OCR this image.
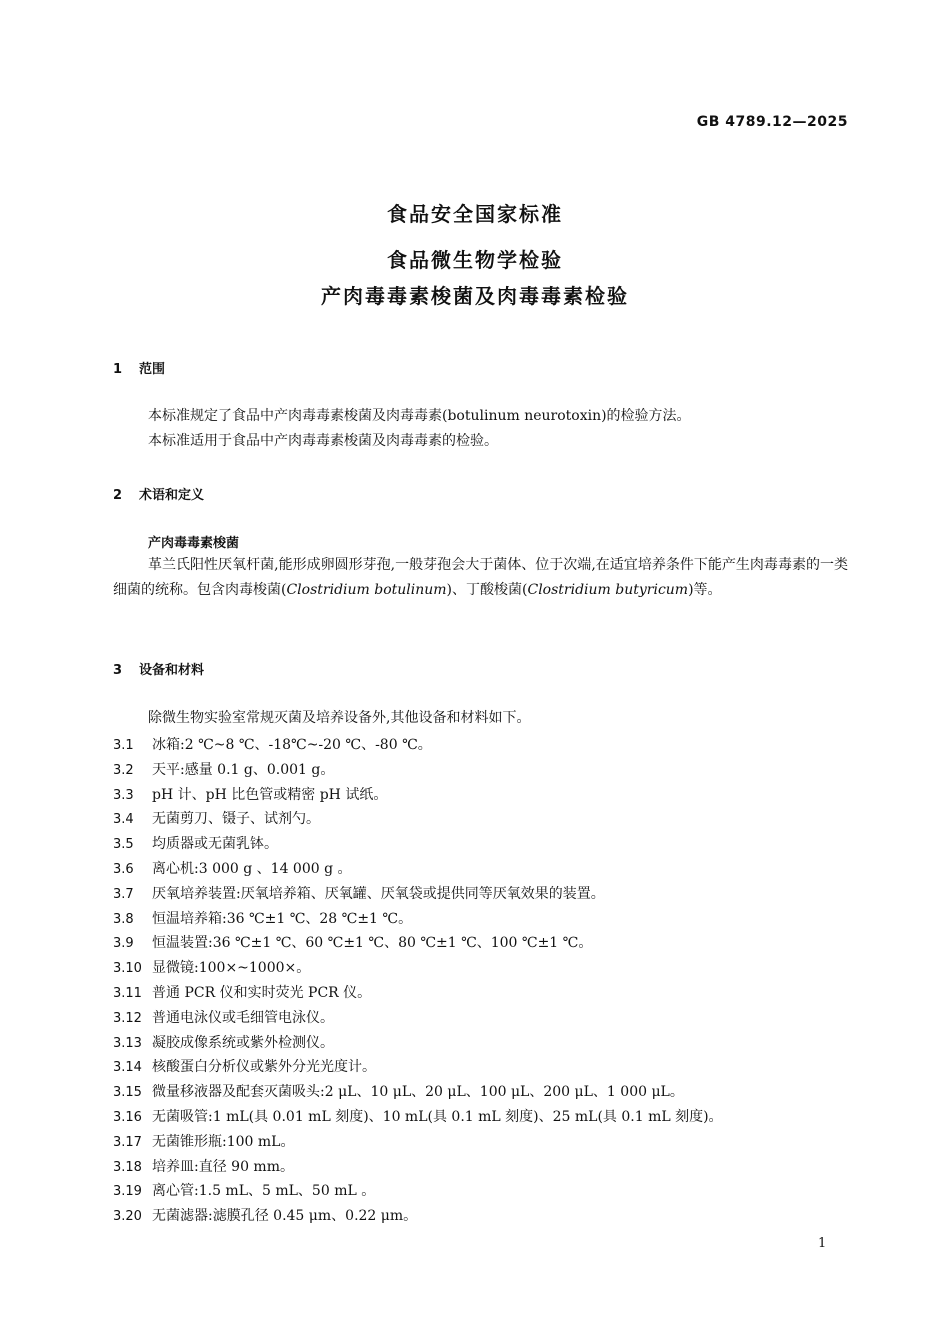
GB 4789.12—2025
食品安全国家标准
食品微生物学检验
产肉毒毒素梭菌及肉毒毒素检验
1 范围
本标准规定了食品中产肉毒毒素梭菌及肉毒毒素(botulinum neurotoxin)的检验方法。
本标准适用于食品中产肉毒毒素梭菌及肉毒毒素的检验。
2 术语和定义
产肉毒毒素梭菌
革兰氏阳性厌氧杆菌,能形成卵圆形芽孢,一般芽孢会大于菌体、位于次端,在适宜培养条件下能产生肉毒毒素的一类细菌的统称。包含肉毒梭菌(Clostridium botulinum)、丁酸梭菌(Clostridium butyricum)等。
3 设备和材料
除微生物实验室常规灭菌及培养设备外,其他设备和材料如下。
3.1 冰箱:2 ℃~8 ℃、-18℃~-20 ℃、-80 ℃。
3.2 天平:感量 0.1 g、0.001 g。
3.3 pH 计、pH 比色管或精密 pH 试纸。
3.4 无菌剪刀、镊子、试剂勺。
3.5 均质器或无菌乳钵。
3.6 离心机:3 000 g 、14 000 g 。
3.7 厌氧培养装置:厌氧培养箱、厌氧罐、厌氧袋或提供同等厌氧效果的装置。
3.8 恒温培养箱:36 ℃±1 ℃、28 ℃±1 ℃。
3.9 恒温装置:36 ℃±1 ℃、60 ℃±1 ℃、80 ℃±1 ℃、100 ℃±1 ℃。
3.10 显微镜:100×~1000×。
3.11 普通 PCR 仪和实时荧光 PCR 仪。
3.12 普通电泳仪或毛细管电泳仪。
3.13 凝胶成像系统或紫外检测仪。
3.14 核酸蛋白分析仪或紫外分光光度计。
3.15 微量移液器及配套灭菌吸头:2 μL、10 μL、20 μL、100 μL、200 μL、1 000 μL。
3.16 无菌吸管:1 mL(具 0.01 mL 刻度)、10 mL(具 0.1 mL 刻度)、25 mL(具 0.1 mL 刻度)。
3.17 无菌锥形瓶:100 mL。
3.18 培养皿:直径 90 mm。
3.19 离心管:1.5 mL、5 mL、50 mL 。
3.20 无菌滤器:滤膜孔径 0.45 μm、0.22 μm。
1
